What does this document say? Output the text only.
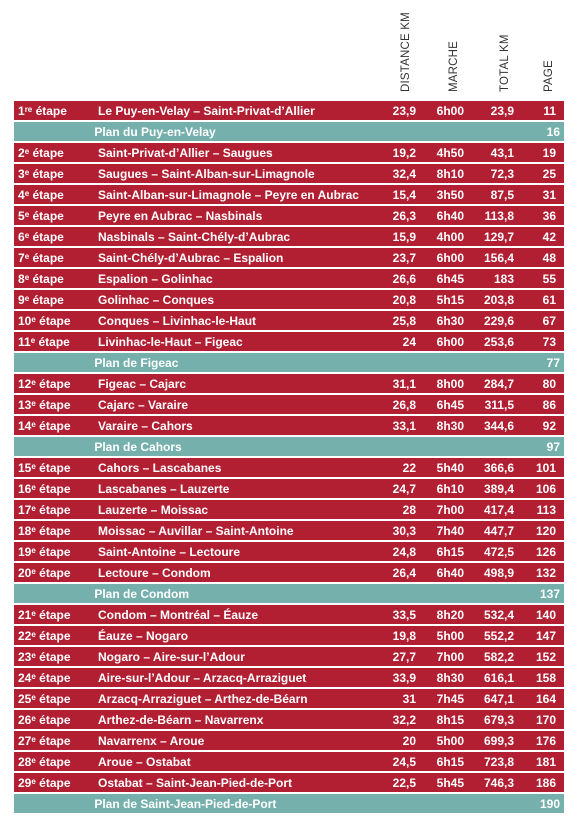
DISTANCE KM	MARCHE	TOTAL KM	PAGE
1re étape	Le Puy-en-Velay – Saint-Privat-d’Allier	23,9	6h00	23,9	11
Plan du Puy-en-Velay	16
2e étape	Saint-Privat-d’Allier – Saugues	19,2	4h50	43,1	19
3e étape	Saugues – Saint-Alban-sur-Limagnole	32,4	8h10	72,3	25
4e étape	Saint-Alban-sur-Limagnole – Peyre en Aubrac	15,4	3h50	87,5	31
5e étape	Peyre en Aubrac – Nasbinals	26,3	6h40	113,8	36
6e étape	Nasbinals – Saint-Chély-d’Aubrac	15,9	4h00	129,7	42
7e étape	Saint-Chély-d’Aubrac – Espalion	23,7	6h00	156,4	48
8e étape	Espalion – Golinhac	26,6	6h45	183	55
9e étape	Golinhac – Conques	20,8	5h15	203,8	61
10e étape	Conques – Livinhac-le-Haut	25,8	6h30	229,6	67
11e étape	Livinhac-le-Haut – Figeac	24	6h00	253,6	73
Plan de Figeac	77
12e étape	Figeac – Cajarc	31,1	8h00	284,7	80
13e étape	Cajarc – Varaire	26,8	6h45	311,5	86
14e étape	Varaire – Cahors	33,1	8h30	344,6	92
Plan de Cahors	97
15e étape	Cahors – Lascabanes	22	5h40	366,6	101
16e étape	Lascabanes – Lauzerte	24,7	6h10	389,4	106
17e étape	Lauzerte – Moissac	28	7h00	417,4	113
18e étape	Moissac – Auvillar – Saint-Antoine	30,3	7h40	447,7	120
19e étape	Saint-Antoine – Lectoure	24,8	6h15	472,5	126
20e étape	Lectoure – Condom	26,4	6h40	498,9	132
Plan de Condom	137
21e étape	Condom – Montréal – Éauze	33,5	8h20	532,4	140
22e étape	Éauze – Nogaro	19,8	5h00	552,2	147
23e étape	Nogaro – Aire-sur-l’Adour	27,7	7h00	582,2	152
24e étape	Aire-sur-l’Adour – Arzacq-Arraziguet	33,9	8h30	616,1	158
25e étape	Arzacq-Arraziguet – Arthez-de-Béarn	31	7h45	647,1	164
26e étape	Arthez-de-Béarn – Navarrenx	32,2	8h15	679,3	170
27e étape	Navarrenx – Aroue	20	5h00	699,3	176
28e étape	Aroue – Ostabat	24,5	6h15	723,8	181
29e étape	Ostabat – Saint-Jean-Pied-de-Port	22,5	5h45	746,3	186
Plan de Saint-Jean-Pied-de-Port	190
